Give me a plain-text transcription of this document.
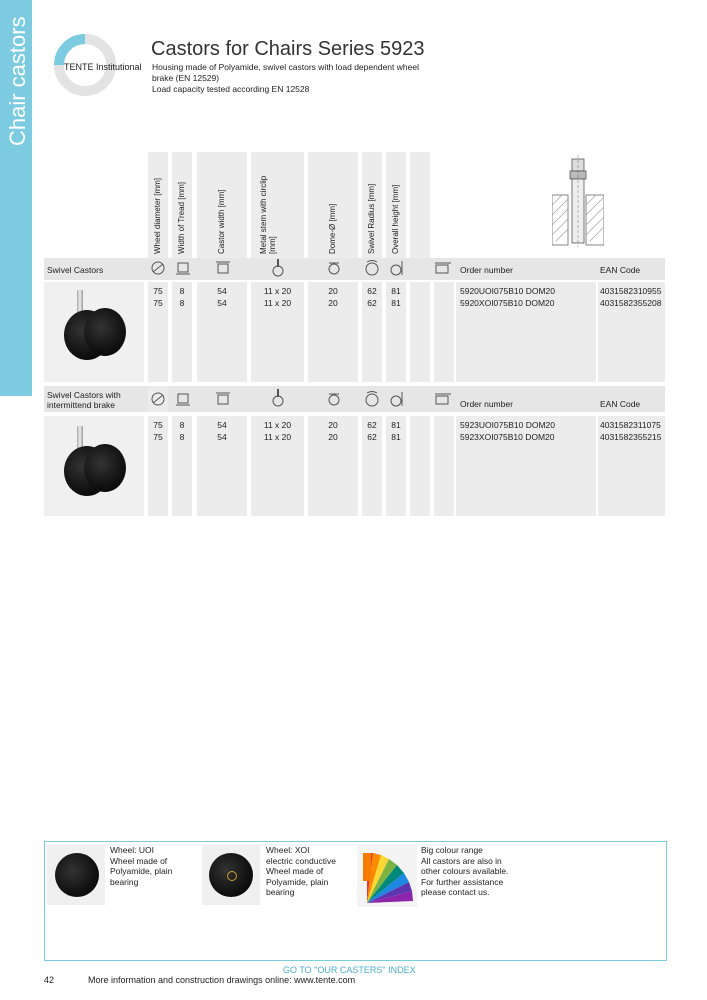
Chair castors	TENTE Institutional
Castors for Chairs Series 5923
Housing made of Polyamide, swivel castors with load dependent wheel
brake (EN 12529)
Load capacity tested according EN 12528
Wheel diameter [mm] Width of Tread [mm]	Castor width [mm]	Metal stem with circlip [mm]	Dome-Ø [mm]	Swivel Radius [mm] Overall height [mm]
Swivel Castors	Order number	EAN Code
75	8	54	11 x 20	20	62	81	5920UOI075B10 DOM20	4031582310955
75	8	54	11 x 20	20	62	81	5920XOI075B10 DOM20	4031582355208
Swivel Castors with intermittend brake	Order number	EAN Code
75	8	54	11 x 20	20	62	81	5923UOI075B10 DOM20	4031582311075
75	8	54	11 x 20	20	62	81	5923XOI075B10 DOM20	4031582355215
Wheel: UOI
Wheel made of Polyamide, plain bearing
Wheel: XOI
electric conductive
Wheel made of Polyamide, plain bearing
Big colour range
All castors are also in other colours available. For further assistance please contact us.
GO TO "OUR CASTERS" INDEX
42	More information and construction drawings online: www.tente.com
